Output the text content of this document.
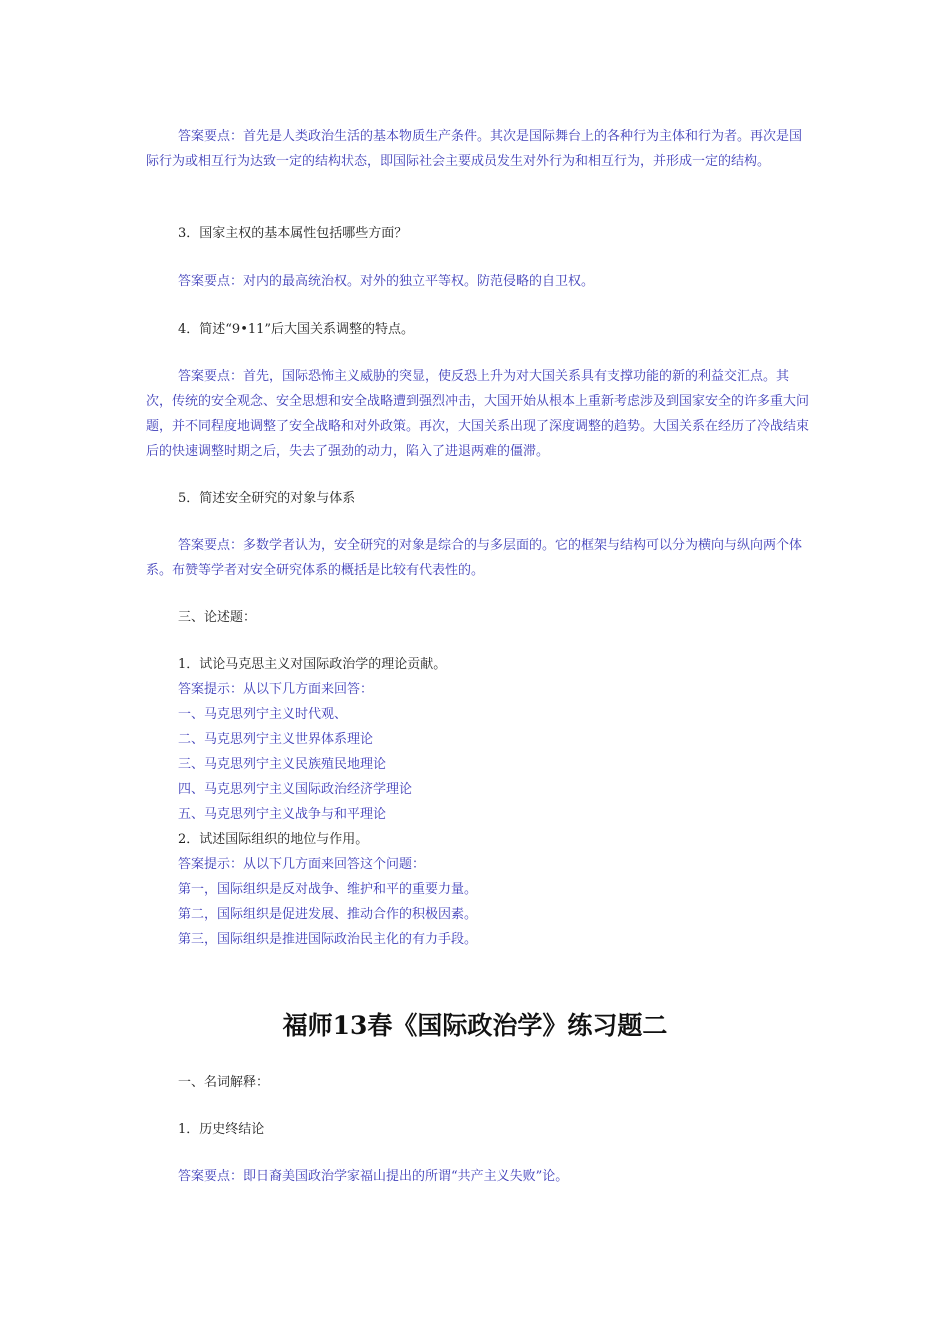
答案要点：首先是人类政治生活的基本物质生产条件。其次是国际舞台上的各种行为主体和行为者。再次是国际行为或相互行为达致一定的结构状态，即国际社会主要成员发生对外行为和相互行为，并形成一定的结构。

3．国家主权的基本属性包括哪些方面？
答案要点：对内的最高统治权。对外的独立平等权。防范侵略的自卫权。
4．简述“9•11”后大国关系调整的特点。

答案要点：首先，国际恐怖主义威胁的突显，使反恐上升为对大国关系具有支撑功能的新的利益交汇点。其次，传统的安全观念、安全思想和安全战略遭到强烈冲击，大国开始从根本上重新考虑涉及到国家安全的许多重大问题，并不同程度地调整了安全战略和对外政策。再次，大国关系出现了深度调整的趋势。大国关系在经历了冷战结束后的快速调整时期之后，失去了强劲的动力，陷入了进退两难的僵滞。

5．简述安全研究的对象与体系

答案要点：多数学者认为，安全研究的对象是综合的与多层面的。它的框架与结构可以分为横向与纵向两个体系。布赞等学者对安全研究体系的概括是比较有代表性的。

三、论述题：
1．试论马克思主义对国际政治学的理论贡献。
答案提示：从以下几方面来回答：
一、马克思列宁主义时代观、
二、马克思列宁主义世界体系理论
三、马克思列宁主义民族殖民地理论
四、马克思列宁主义国际政治经济学理论
五、马克思列宁主义战争与和平理论
2．试述国际组织的地位与作用。
答案提示：从以下几方面来回答这个问题：
第一，国际组织是反对战争、维护和平的重要力量。
第二，国际组织是促进发展、推动合作的积极因素。
第三，国际组织是推进国际政治民主化的有力手段。
福师13春《国际政治学》练习题二
一、名词解释：
1．历史终结论
答案要点：即日裔美国政治学家福山提出的所谓“共产主义失败”论。
